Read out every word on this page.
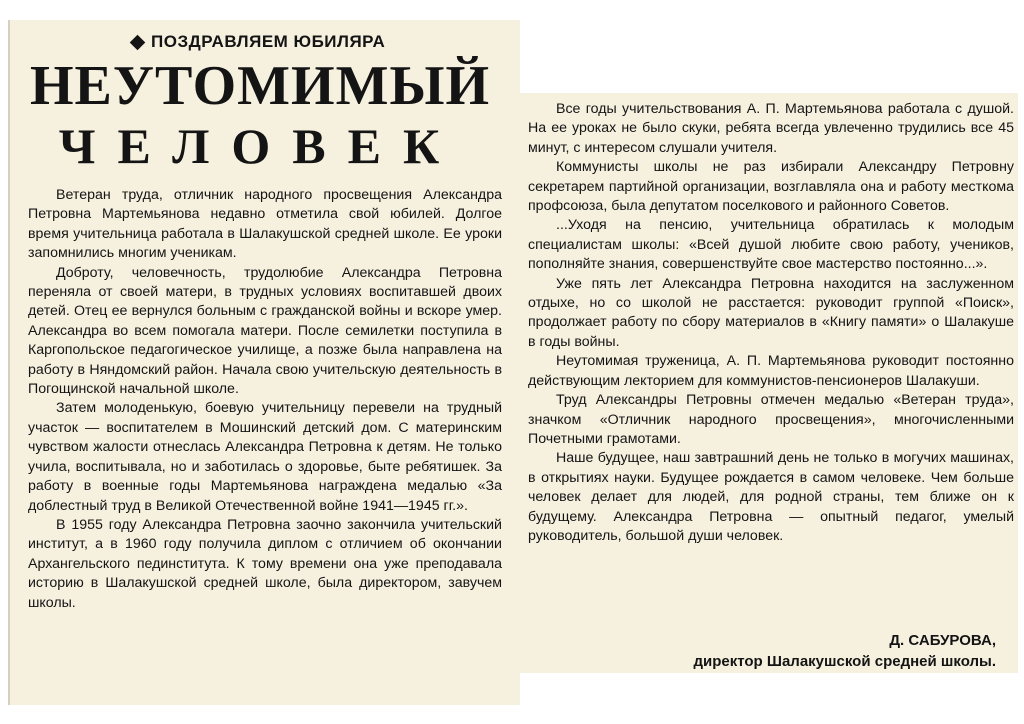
ПОЗДРАВЛЯЕМ ЮБИЛЯРА
НЕУТОМИМЫЙ
ЧЕЛОВЕК

Ветеран труда, отличник народного просвещения Александра Петровна Мартемьянова недавно отметила свой юбилей. Долгое время учительница работала в Шалакушской средней школе. Ее уроки запомнились многим ученикам.

Доброту, человечность, трудолюбие Александра Петровна переняла от своей матери, в трудных условиях воспитавшей двоих детей. Отец ее вернулся больным с гражданской войны и вскоре умер. Александра во всем помогала матери. После семилетки поступила в Каргопольское педагогическое училище, а позже была направлена на работу в Няндомский район. Начала свою учительскую деятельность в Погощинской начальной школе.

Затем молоденькую, боевую учительницу перевели на трудный участок — воспитателем в Мошинский детский дом. С материнским чувством жалости отнеслась Александра Петровна к детям. Не только учила, воспитывала, но и заботилась о здоровье, быте ребятишек. За работу в военные годы Мартемьянова награждена медалью «За доблестный труд в Великой Отечественной войне 1941—1945 гг.».

В 1955 году Александра Петровна заочно закончила учительский институт, а в 1960 году получила диплом с отличием об окончании Архангельского пединститута. К тому времени она уже преподавала историю в Шалакушской средней школе, была директором, завучем школы.

Все годы учительствования А. П. Мартемьянова работала с душой. На ее уроках не было скуки, ребята всегда увлеченно трудились все 45 минут, с интересом слушали учителя.

Коммунисты школы не раз избирали Александру Петровну секретарем партийной организации, возглавляла она и работу месткома профсоюза, была депутатом поселкового и районного Советов.

...Уходя на пенсию, учительница обратилась к молодым специалистам школы: «Всей душой любите свою работу, учеников, пополняйте знания, совершенствуйте свое мастерство постоянно...».

Уже пять лет Александра Петровна находится на заслуженном отдыхе, но со школой не расстается: руководит группой «Поиск», продолжает работу по сбору материалов в «Книгу памяти» о Шалакуше в годы войны.

Неутомимая труженица, А. П. Мартемьянова руководит постоянно действующим лекторием для коммунистов-пенсионеров Шалакуши.

Труд Александры Петровны отмечен медалью «Ветеран труда», значком «Отличник народного просвещения», многочисленными Почетными грамотами.

Наше будущее, наш завтрашний день не только в могучих машинах, в открытиях науки. Будущее рождается в самом человеке. Чем больше человек делает для людей, для родной страны, тем ближе он к будущему. Александра Петровна — опытный педагог, умелый руководитель, большой души человек.

Д. САБУРОВА,
директор Шалакушской средней школы.
